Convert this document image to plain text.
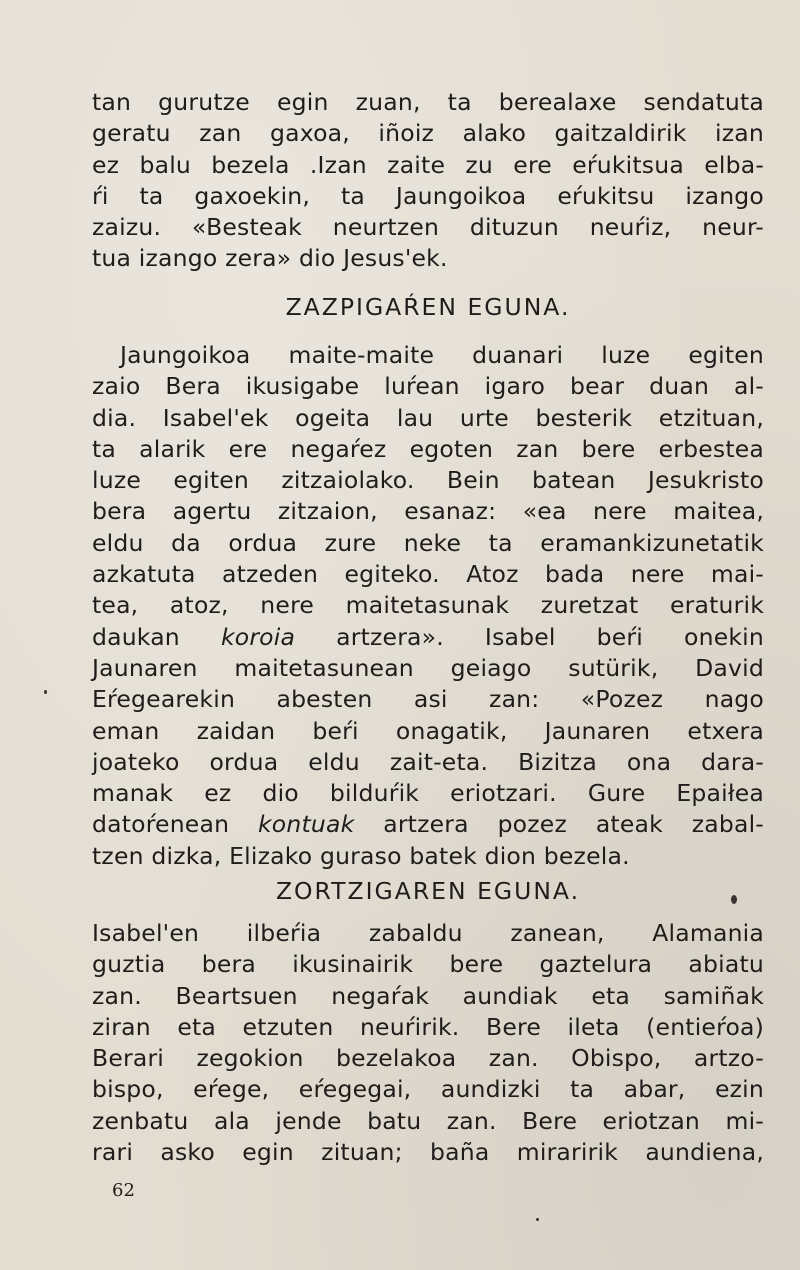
tan gurutze egin zuan, ta berealaxe sendatuta
geratu zan gaxoa, iñoiz alako gaitzaldirik izan
ez balu bezela .Izan zaite zu ere eŕukitsua elba-
ŕi ta gaxoekin, ta Jaungoikoa eŕukitsu izango
zaizu. «Besteak neurtzen dituzun neuŕiz, neur-
tua izango zera» dio Jesus'ek.
ZAZPIGAŔEN EGUNA.
Jaungoikoa maite-maite duanari luze egiten
zaio Bera ikusigabe luŕean igaro bear duan al-
dia. Isabel'ek ogeita lau urte besterik etzituan,
ta alarik ere negaŕez egoten zan bere erbestea
luze egiten zitzaiolako. Bein batean Jesukristo
bera agertu zitzaion, esanaz: «ea nere maitea,
eldu da ordua zure neke ta eramankizunetatik
azkatuta atzeden egiteko. Atoz bada nere mai-
tea, atoz, nere maitetasunak zuretzat eraturik
daukan koroia artzera». Isabel beŕi onekin
Jaunaren maitetasunean geiago sutürik, David
Eŕegearekin abesten asi zan: «Pozez nago
eman zaidan beŕi onagatik, Jaunaren etxera
joateko ordua eldu zait-eta. Bizitza ona dara-
manak ez dio bilduŕik eriotzari. Gure Epaiłea
datoŕenean kontuak artzera pozez ateak zabal-
tzen dizka, Elizako guraso batek dion bezela.
ZORTZIGAREN EGUNA.
Isabel'en ilbeŕia zabaldu zanean, Alamania
guztia bera ikusinairik bere gaztelura abiatu
zan. Beartsuen negaŕak aundiak eta samiñak
ziran eta etzuten neuŕirik. Bere ileta (entieŕoa)
Berari zegokion bezelakoa zan. Obispo, artzo-
bispo, eŕege, eŕegegai, aundizki ta abar, ezin
zenbatu ala jende batu zan. Bere eriotzan mi-
rari asko egin zituan; baña miraririk aundiena,
62
